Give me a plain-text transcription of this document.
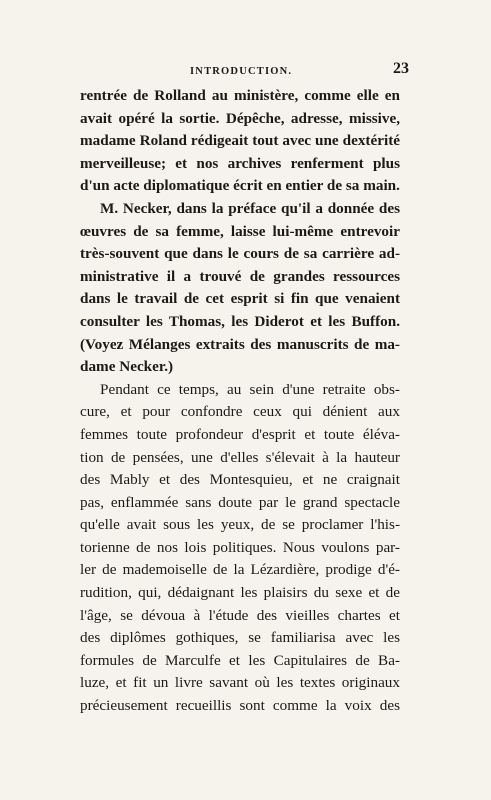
INTRODUCTION.	23
rentrée de Rolland au ministère, comme elle en
avait opéré la sortie. Dépêche, adresse, missive,
madame Roland rédigeait tout avec une dextérité
merveilleuse; et nos archives renferment plus
d'un acte diplomatique écrit en entier de sa main.
M. Necker, dans la préface qu'il a donnée des
œuvres de sa femme, laisse lui-même entrevoir
très-souvent que dans le cours de sa carrière ad-
ministrative il a trouvé de grandes ressources
dans le travail de cet esprit si fin que venaient
consulter les Thomas, les Diderot et les Buffon.
(Voyez Mélanges extraits des manuscrits de ma-
dame Necker.)
Pendant ce temps, au sein d'une retraite obs-
cure, et pour confondre ceux qui dénient aux
femmes toute profondeur d'esprit et toute éléva-
tion de pensées, une d'elles s'élevait à la hauteur
des Mably et des Montesquieu, et ne craignait
pas, enflammée sans doute par le grand spectacle
qu'elle avait sous les yeux, de se proclamer l'his-
torienne de nos lois politiques. Nous voulons par-
ler de mademoiselle de la Lézardière, prodige d'é-
rudition, qui, dédaignant les plaisirs du sexe et de
l'âge, se dévoua à l'étude des vieilles chartes et
des diplômes gothiques, se familiarisa avec les
formules de Marculfe et les Capitulaires de Ba-
luze, et fit un livre savant où les textes originaux
précieusement recueillis sont comme la voix des
